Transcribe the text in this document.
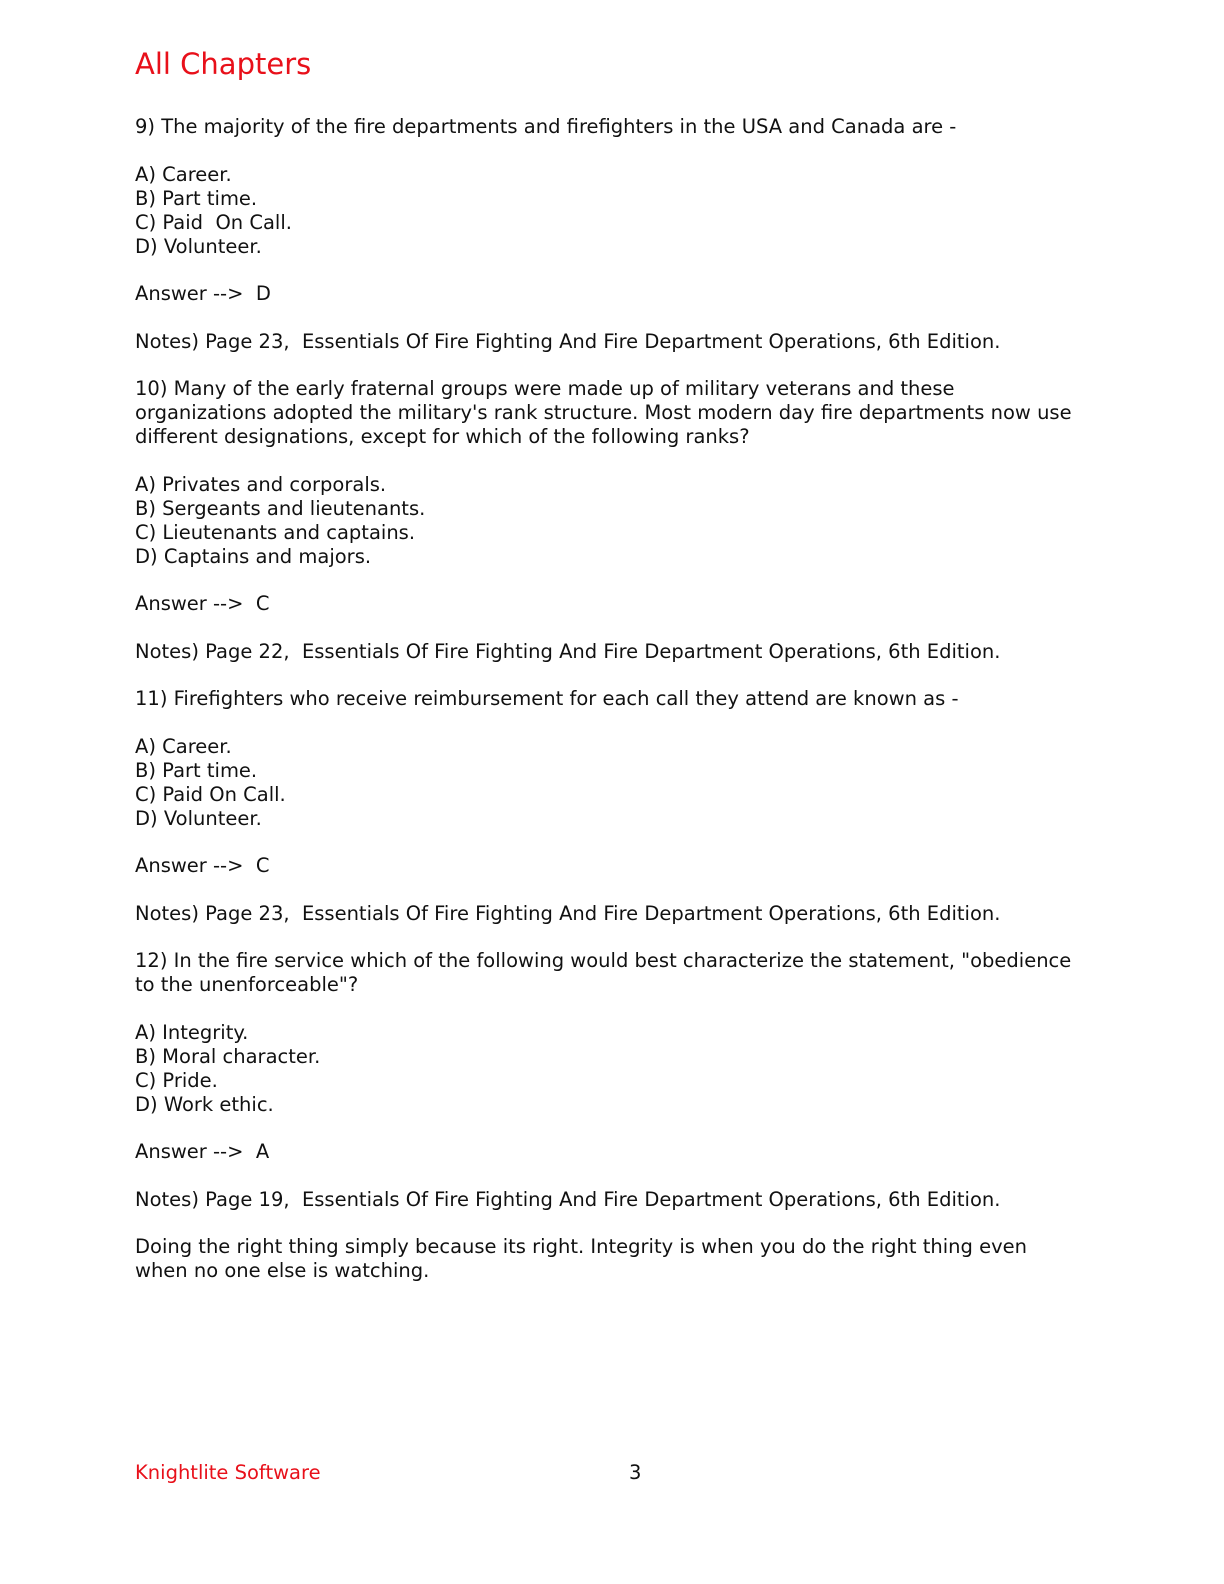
All Chapters
9) The majority of the fire departments and firefighters in the USA and Canada are -
A) Career.
B) Part time.
C) Paid  On Call.
D) Volunteer.
Answer -->  D
Notes) Page 23,  Essentials Of Fire Fighting And Fire Department Operations, 6th Edition.
10) Many of the early fraternal groups were made up of military veterans and these
organizations adopted the military's rank structure. Most modern day fire departments now use
different designations, except for which of the following ranks?
A) Privates and corporals.
B) Sergeants and lieutenants.
C) Lieutenants and captains.
D) Captains and majors.
Answer -->  C
Notes) Page 22,  Essentials Of Fire Fighting And Fire Department Operations, 6th Edition.
11) Firefighters who receive reimbursement for each call they attend are known as -
A) Career.
B) Part time.
C) Paid On Call.
D) Volunteer.
Answer -->  C
Notes) Page 23,  Essentials Of Fire Fighting And Fire Department Operations, 6th Edition.
12) In the fire service which of the following would best characterize the statement, "obedience
to the unenforceable"?
A) Integrity.
B) Moral character.
C) Pride.
D) Work ethic.
Answer -->  A
Notes) Page 19,  Essentials Of Fire Fighting And Fire Department Operations, 6th Edition.
Doing the right thing simply because its right. Integrity is when you do the right thing even
when no one else is watching.
Knightlite Software	3
